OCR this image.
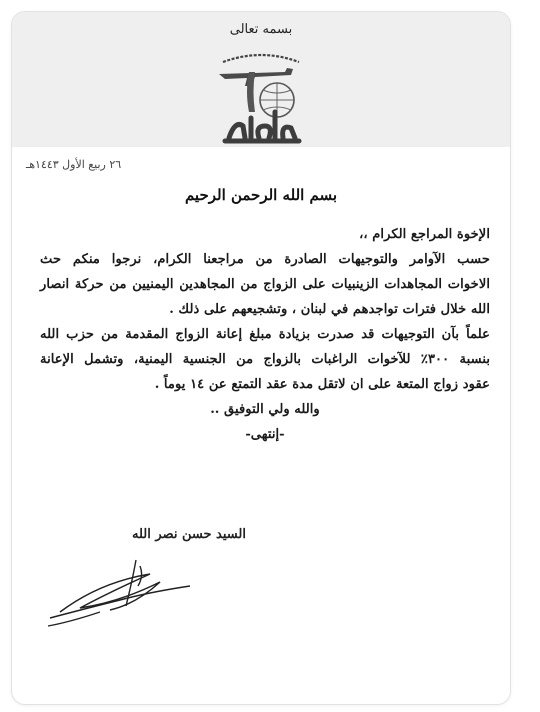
بسمه تعالى
٢٦ ربيع الأول ١٤٤٣هـ
بسم الله الرحمن الرحيم

الإخوة المراجع الكرام ،،

حسب الآوامر والتوجيهات الصادرة من مراجعنا الكرام، نرجوا منكم حث
الاخوات المجاهدات الزينبيات على الزواج من المجاهدين اليمنيين من حركة انصار
الله خلال فترات تواجدهم في لبنان ، وتشجيعهم على ذلك .

علماً بآن التوجيهات قد صدرت بزيادة مبلغ إعانة الزواج المقدمة من حزب الله
بنسبة ٣٠٠٪ للآخوات الراغبات بالزواج من الجنسية اليمنية، وتشمل الإعانة
عقود زواج المتعة على ان لاتقل مدة عقد التمتع عن ١٤ يوماً .

والله ولي التوفيق ..

-إنتهى-

السيد حسن نصر الله
